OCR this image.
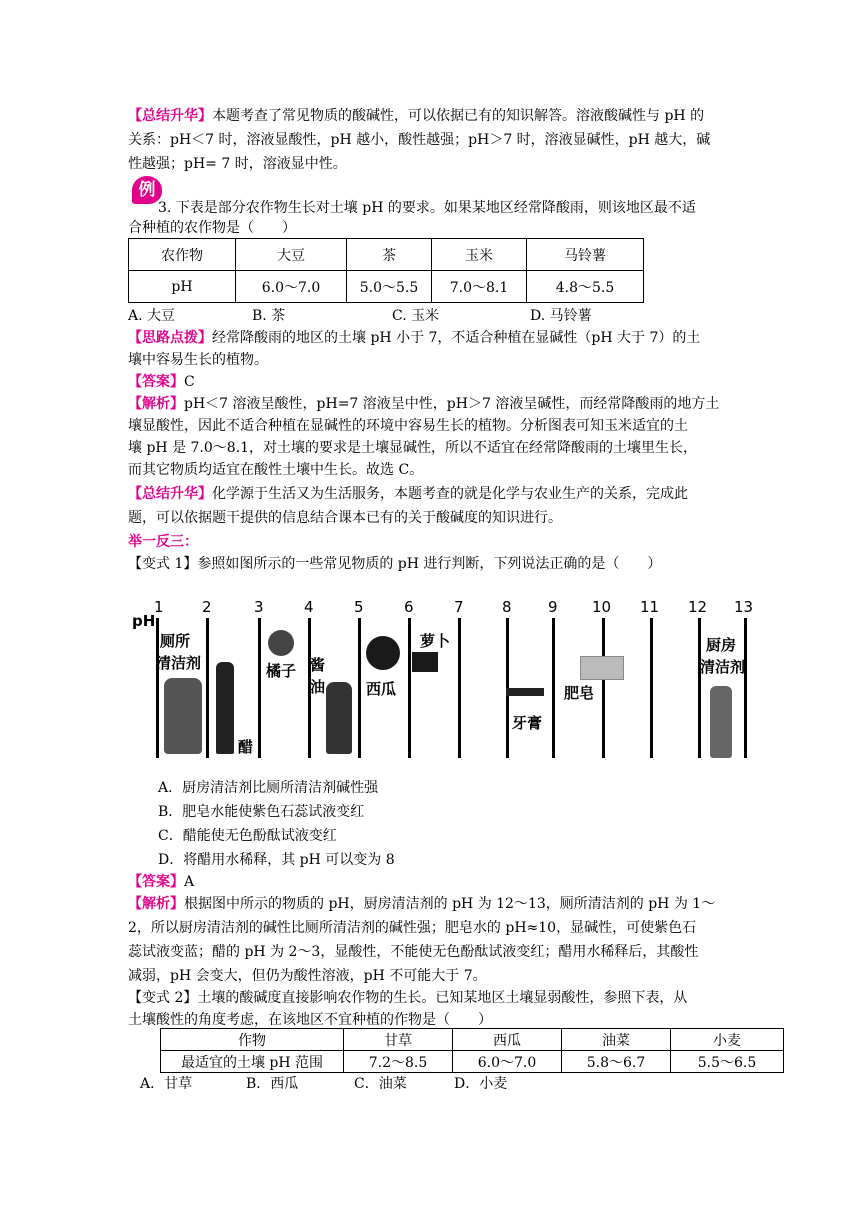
【总结升华】本题考查了常见物质的酸碱性，可以依据已有的知识解答。溶液酸碱性与 pH 的
关系：pH＜7 时，溶液显酸性，pH 越小，酸性越强；pH＞7 时，溶液显碱性，pH 越大，碱
性越强；pH= 7 时，溶液显中性。
例
3. 下表是部分农作物生长对土壤 pH 的要求。如果某地区经常降酸雨，则该地区最不适
合种植的农作物是（　　）
农作物	大豆	茶	玉米	马铃薯
pH	6.0～7.0	5.0～5.5	7.0～8.1	4.8～5.5
A. 大豆	B. 茶	C. 玉米	D. 马铃薯
【思路点拨】经常降酸雨的地区的土壤 pH 小于 7，不适合种植在显碱性（pH 大于 7）的土
壤中容易生长的植物。
【答案】C
【解析】pH＜7 溶液呈酸性，pH=7 溶液呈中性，pH＞7 溶液呈碱性，而经常降酸雨的地方土
壤显酸性，因此不适合种植在显碱性的环境中容易生长的植物。分析图表可知玉米适宜的土
壤 pH 是 7.0～8.1，对土壤的要求是土壤显碱性，所以不适宜在经常降酸雨的土壤里生长，
而其它物质均适宜在酸性土壤中生长。故选 C。
【总结升华】化学源于生活又为生活服务，本题考查的就是化学与农业生产的关系，完成此
题，可以依据题干提供的信息结合课本已有的关于酸碱度的知识进行。
举一反三：
【变式 1】参照如图所示的一些常见物质的 pH 进行判断，下列说法正确的是（　　）
pH
1	2	3	4	5	6	7	8 9 10 11 12 13
厕所
清洁剂
醋
橘子 酱
油	西瓜
萝卜
牙膏
肥皂
厨房
清洁剂
A．厨房清洁剂比厕所清洁剂碱性强
B．肥皂水能使紫色石蕊试液变红
C．醋能使无色酚酞试液变红
D．将醋用水稀释，其 pH 可以变为 8
【答案】A
【解析】根据图中所示的物质的 pH，厨房清洁剂的 pH 为 12～13，厕所清洁剂的 pH 为 1～
2，所以厨房清洁剂的碱性比厕所清洁剂的碱性强；肥皂水的 pH≈10，显碱性，可使紫色石
蕊试液变蓝；醋的 pH 为 2～3，显酸性，不能使无色酚酞试液变红；醋用水稀释后，其酸性
减弱，pH 会变大，但仍为酸性溶液，pH 不可能大于 7。
【变式 2】土壤的酸碱度直接影响农作物的生长。已知某地区土壤显弱酸性，参照下表，从
土壤酸性的角度考虑，在该地区不宜种植的作物是（　　）
作物	甘草	西瓜	油菜	小麦
最适宜的土壤 pH 范围	7.2～8.5	6.0～7.0	5.8～6.7	5.5～6.5
A．甘草	B．西瓜	C．油菜	D．小麦
